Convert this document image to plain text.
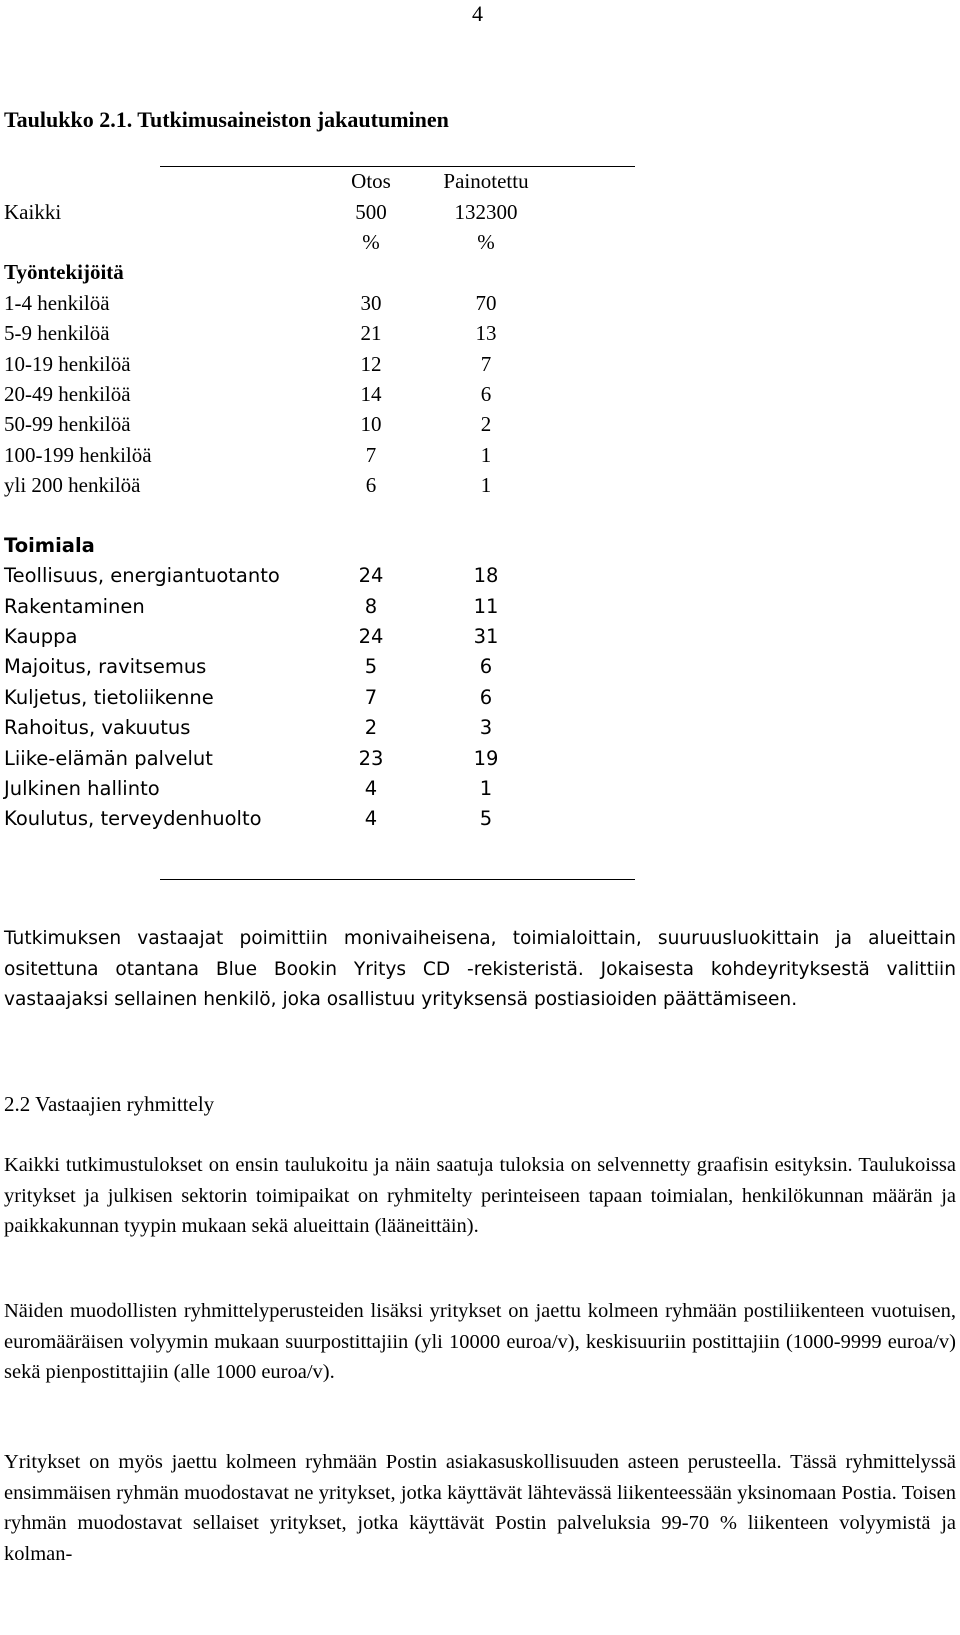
4
Taulukko 2.1. Tutkimusaineiston jakautuminen
	Otos	Painotettu
Kaikki	500	132300
	%	%
Työntekijöitä		
1-4 henkilöä	30	70
5-9 henkilöä	21	13
10-19 henkilöä	12	7
20-49 henkilöä	14	6
50-99 henkilöä	10	2
100-199 henkilöä	7	1
yli 200 henkilöä	6	1

Toimiala		
Teollisuus, energiantuotanto	24	18
Rakentaminen	8	11
Kauppa	24	31
Majoitus, ravitsemus	5	6
Kuljetus, tietoliikenne	7	6
Rahoitus, vakuutus	2	3
Liike-elämän palvelut	23	19
Julkinen hallinto	4	1
Koulutus, terveydenhuolto	4	5

Tutkimuksen vastaajat poimittiin monivaiheisena, toimialoittain, suuruusluokittain ja alueittain ositettuna otantana Blue Bookin Yritys CD -rekisteristä. Jokaisesta kohdeyrityksestä valittiin vastaajaksi sellainen henkilö, joka osallistuu yrityksensä postiasioiden päättämiseen.

2.2 Vastaajien ryhmittely

Kaikki tutkimustulokset on ensin taulukoitu ja näin saatuja tuloksia on selvennetty graafisin esityksin. Taulukoissa yritykset ja julkisen sektorin toimipaikat on ryhmitelty perinteiseen tapaan toimialan, henkilökunnan määrän ja paikkakunnan tyypin mukaan sekä alueittain (lääneittäin).

Näiden muodollisten ryhmittelyperusteiden lisäksi yritykset on jaettu kolmeen ryhmään postiliikenteen vuotuisen, euromääräisen volyymin mukaan suurpostittajiin (yli 10000 euroa/v), keskisuuriin postittajiin (1000-9999 euroa/v) sekä pienpostittajiin (alle 1000 euroa/v).

Yritykset on myös jaettu kolmeen ryhmään Postin asiakasuskollisuuden asteen perusteella. Tässä ryhmittelyssä ensimmäisen ryhmän muodostavat ne yritykset, jotka käyttävät lähtevässä liikenteessään yksinomaan Postia. Toisen ryhmän muodostavat sellaiset yritykset, jotka käyttävät Postin palveluksia 99-70 % liikenteen volyymistä ja kolman-
